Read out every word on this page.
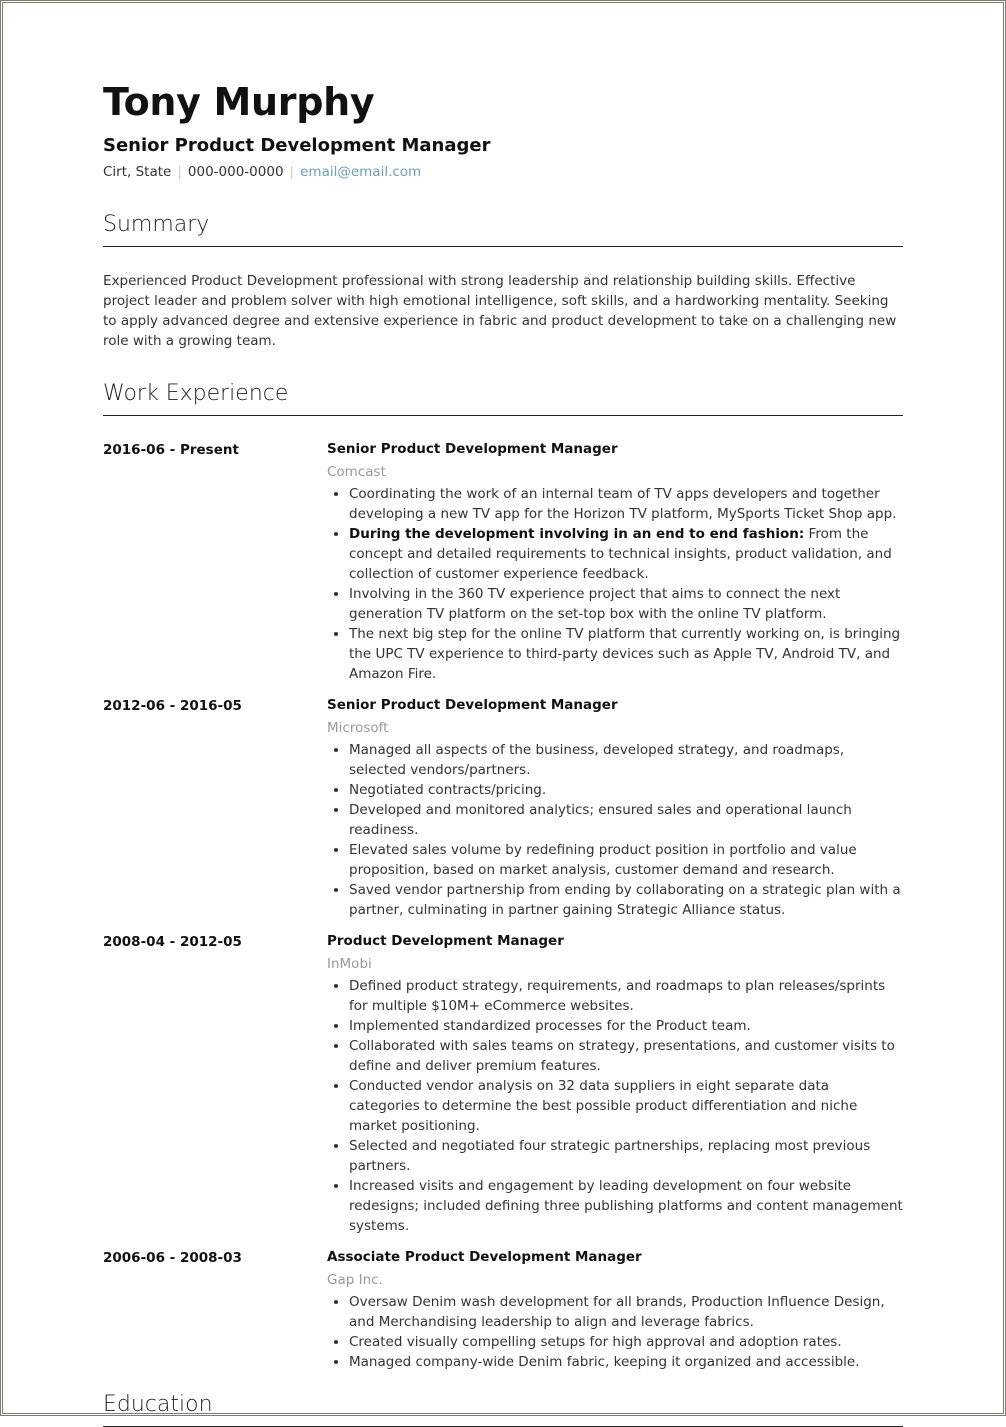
Tony Murphy
Senior Product Development Manager
Cirt, State | 000-000-0000 | email@email.com
Summary
Experienced Product Development professional with strong leadership and relationship building skills. Effective project leader and problem solver with high emotional intelligence, soft skills, and a hardworking mentality. Seeking to apply advanced degree and extensive experience in fabric and product development to take on a challenging new role with a growing team.
Work Experience
2016-06 - Present	Senior Product Development Manager
Comcast
• Coordinating the work of an internal team of TV apps developers and together developing a new TV app for the Horizon TV platform, MySports Ticket Shop app.
• During the development involving in an end to end fashion: From the concept and detailed requirements to technical insights, product validation, and collection of customer experience feedback.
• Involving in the 360 TV experience project that aims to connect the next generation TV platform on the set-top box with the online TV platform.
• The next big step for the online TV platform that currently working on, is bringing the UPC TV experience to third-party devices such as Apple TV, Android TV, and Amazon Fire.
2012-06 - 2016-05	Senior Product Development Manager
Microsoft
• Managed all aspects of the business, developed strategy, and roadmaps, selected vendors/partners.
• Negotiated contracts/pricing.
• Developed and monitored analytics; ensured sales and operational launch readiness.
• Elevated sales volume by redefining product position in portfolio and value proposition, based on market analysis, customer demand and research.
• Saved vendor partnership from ending by collaborating on a strategic plan with a partner, culminating in partner gaining Strategic Alliance status.
2008-04 - 2012-05	Product Development Manager
InMobi
• Defined product strategy, requirements, and roadmaps to plan releases/sprints for multiple $10M+ eCommerce websites.
• Implemented standardized processes for the Product team.
• Collaborated with sales teams on strategy, presentations, and customer visits to define and deliver premium features.
• Conducted vendor analysis on 32 data suppliers in eight separate data categories to determine the best possible product differentiation and niche market positioning.
• Selected and negotiated four strategic partnerships, replacing most previous partners.
• Increased visits and engagement by leading development on four website redesigns; included defining three publishing platforms and content management systems.
2006-06 - 2008-03	Associate Product Development Manager
Gap Inc.
• Oversaw Denim wash development for all brands, Production Influence Design, and Merchandising leadership to align and leverage fabrics.
• Created visually compelling setups for high approval and adoption rates.
• Managed company-wide Denim fabric, keeping it organized and accessible.
Education
